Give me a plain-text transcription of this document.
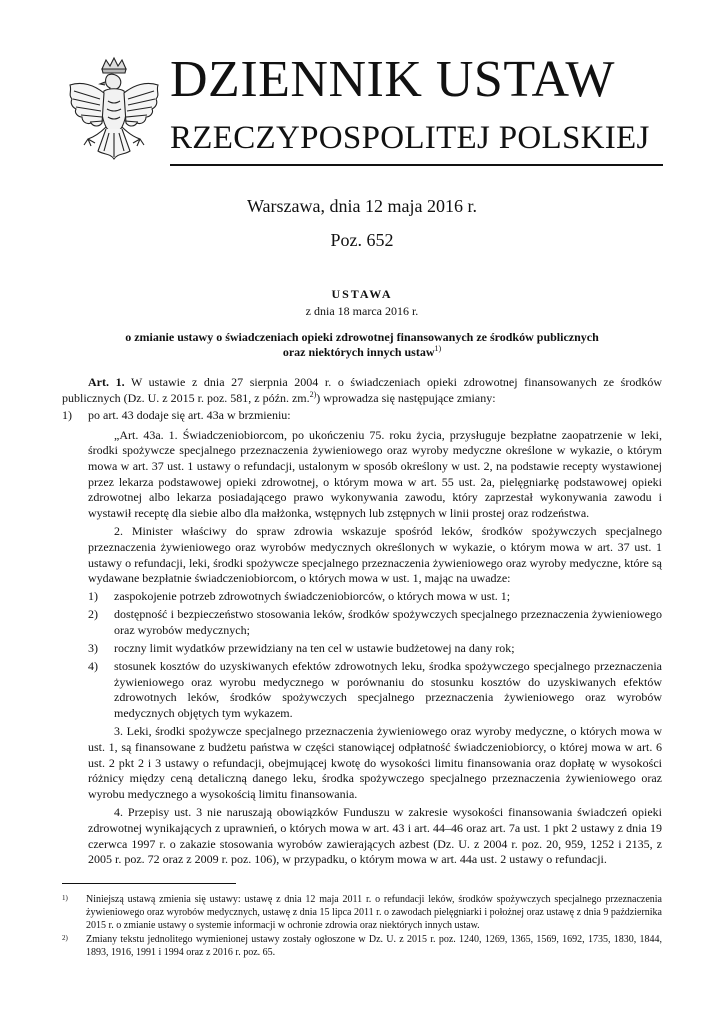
DZIENNIK USTAW
RZECZYPOSPOLITEJ POLSKIEJ
Warszawa, dnia 12 maja 2016 r.
Poz. 652
USTAWA
z dnia 18 marca 2016 r.
o zmianie ustawy o świadczeniach opieki zdrowotnej finansowanych ze środków publicznych
oraz niektórych innych ustaw$^{1)}$

Art. 1. W ustawie z dnia 27 sierpnia 2004 r. o świadczeniach opieki zdrowotnej finansowanych ze środków publicznych (Dz. U. z 2015 r. poz. 581, z późn. zm.$^{2)}$) wprowadza się następujące zmiany:

1)	po art. 43 dodaje się art. 43a w brzmieniu:

„Art. 43a. 1. Świadczeniobiorcom, po ukończeniu 75. roku życia, przysługuje bezpłatne zaopatrzenie w leki, środki spożywcze specjalnego przeznaczenia żywieniowego oraz wyroby medyczne określone w wykazie, o którym mowa w art. 37 ust. 1 ustawy o refundacji, ustalonym w sposób określony w ust. 2, na podstawie recepty wystawionej przez lekarza podstawowej opieki zdrowotnej, o którym mowa w art. 55 ust. 2a, pielęgniarkę podstawowej opieki zdrowotnej albo lekarza posiadającego prawo wykonywania zawodu, który zaprzestał wykonywania zawodu i wystawił receptę dla siebie albo dla małżonka, wstępnych lub zstępnych w linii prostej oraz rodzeństwa.

2. Minister właściwy do spraw zdrowia wskazuje spośród leków, środków spożywczych specjalnego przeznaczenia żywieniowego oraz wyrobów medycznych określonych w wykazie, o którym mowa w art. 37 ust. 1 ustawy o refundacji, leki, środki spożywcze specjalnego przeznaczenia żywieniowego oraz wyroby medyczne, które są wydawane bezpłatnie świadczeniobiorcom, o których mowa w ust. 1, mając na uwadze:

1)	zaspokojenie potrzeb zdrowotnych świadczeniobiorców, o których mowa w ust. 1;
2)	dostępność i bezpieczeństwo stosowania leków, środków spożywczych specjalnego przeznaczenia żywieniowego oraz wyrobów medycznych;
3)	roczny limit wydatków przewidziany na ten cel w ustawie budżetowej na dany rok;
4)	stosunek kosztów do uzyskiwanych efektów zdrowotnych leku, środka spożywczego specjalnego przeznaczenia żywieniowego oraz wyrobu medycznego w porównaniu do stosunku kosztów do uzyskiwanych efektów zdrowotnych leków, środków spożywczych specjalnego przeznaczenia żywieniowego oraz wyrobów medycznych objętych tym wykazem.

3. Leki, środki spożywcze specjalnego przeznaczenia żywieniowego oraz wyroby medyczne, o których mowa w ust. 1, są finansowane z budżetu państwa w części stanowiącej odpłatność świadczeniobiorcy, o której mowa w art. 6 ust. 2 pkt 2 i 3 ustawy o refundacji, obejmującej kwotę do wysokości limitu finansowania oraz dopłatę w wysokości różnicy między ceną detaliczną danego leku, środka spożywczego specjalnego przeznaczenia żywieniowego oraz wyrobu medycznego a wysokością limitu finansowania.

4. Przepisy ust. 3 nie naruszają obowiązków Funduszu w zakresie wysokości finansowania świadczeń opieki zdrowotnej wynikających z uprawnień, o których mowa w art. 43 i art. 44–46 oraz art. 7a ust. 1 pkt 2 ustawy z dnia 19 czerwca 1997 r. o zakazie stosowania wyrobów zawierających azbest (Dz. U. z 2004 r. poz. 20, 959, 1252 i 2135, z 2005 r. poz. 72 oraz z 2009 r. poz. 106), w przypadku, o którym mowa w art. 44a ust. 2 ustawy o refundacji.

1)	Niniejszą ustawą zmienia się ustawy: ustawę z dnia 12 maja 2011 r. o refundacji leków, środków spożywczych specjalnego przeznaczenia żywieniowego oraz wyrobów medycznych, ustawę z dnia 15 lipca 2011 r. o zawodach pielęgniarki i położnej oraz ustawę z dnia 9 października 2015 r. o zmianie ustawy o systemie informacji w ochronie zdrowia oraz niektórych innych ustaw.
2)	Zmiany tekstu jednolitego wymienionej ustawy zostały ogłoszone w Dz. U. z 2015 r. poz. 1240, 1269, 1365, 1569, 1692, 1735, 1830, 1844, 1893, 1916, 1991 i 1994 oraz z 2016 r. poz. 65.
